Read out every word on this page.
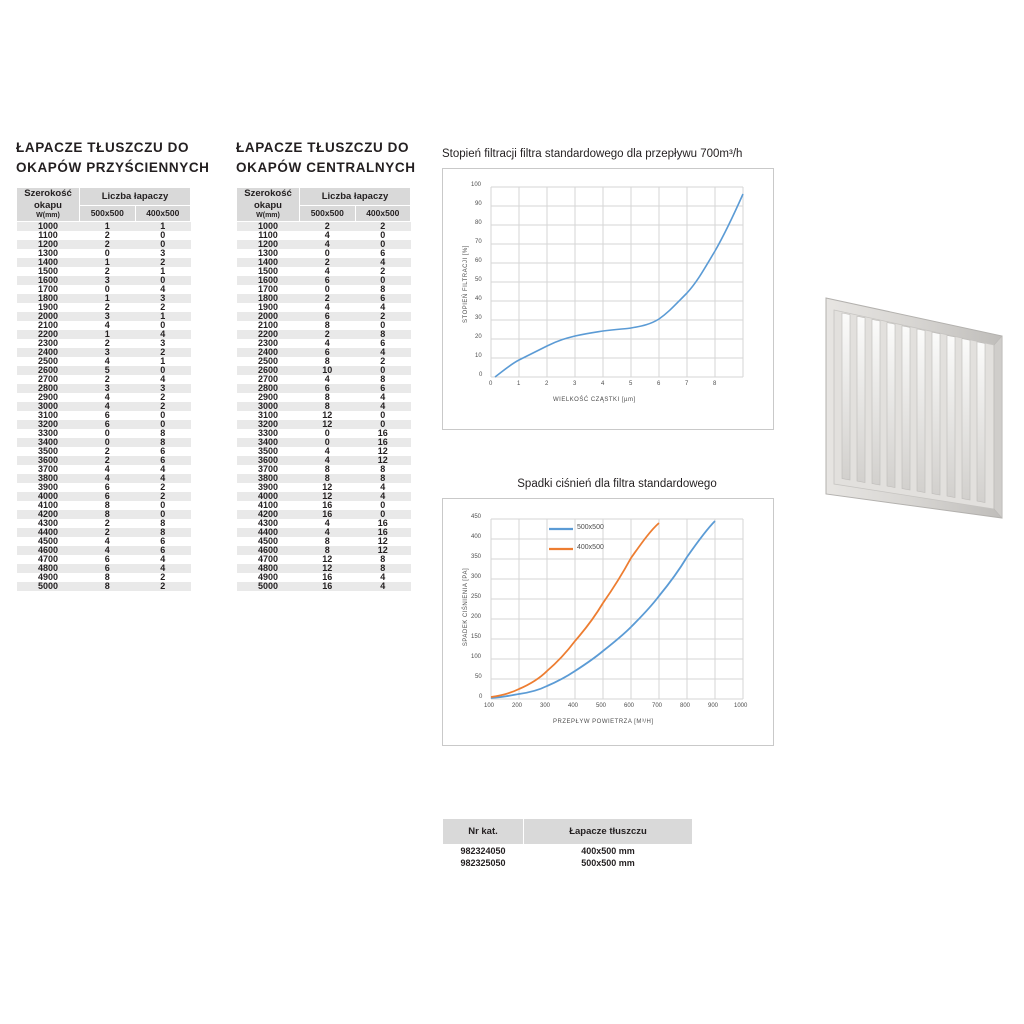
ŁAPACZE TŁUSZCZU DO OKAPÓW PRZYŚCIENNYCH
Szerokość okapu
W(mm)	Liczba łapaczy	
	500x500	400x500
1000	1	1
1100	2	0
1200	2	0
1300	0	3
1400	1	2
1500	2	1
1600	3	0
1700	0	4
1800	1	3
1900	2	2
2000	3	1
2100	4	0
2200	1	4
2300	2	3
2400	3	2
2500	4	1
2600	5	0
2700	2	4
2800	3	3
2900	4	2
3000	4	2
3100	6	0
3200	6	0
3300	0	8
3400	0	8
3500	2	6
3600	2	6
3700	4	4
3800	4	4
3900	6	2
4000	6	2
4100	8	0
4200	8	0
4300	2	8
4400	2	8
4500	4	6
4600	4	6
4700	6	4
4800	6	4
4900	8	2
5000	8	2
ŁAPACZE TŁUSZCZU DO OKAPÓW CENTRALNYCH
Szerokość okapu
W(mm)	Liczba łapaczy	
	500x500	400x500
1000	2	2
1100	4	0
1200	4	0
1300	0	6
1400	2	4
1500	4	2
1600	6	0
1700	0	8
1800	2	6
1900	4	4
2000	6	2
2100	8	0
2200	2	8
2300	4	6
2400	6	4
2500	8	2
2600	10	0
2700	4	8
2800	6	6
2900	8	4
3000	8	4
3100	12	0
3200	12	0
3300	0	16
3400	0	16
3500	4	12
3600	4	12
3700	8	8
3800	8	8
3900	12	4
4000	12	4
4100	16	0
4200	16	0
4300	4	16
4400	4	16
4500	8	12
4600	8	12
4700	12	8
4800	12	8
4900	16	4
5000	16	4
Stopień filtracji filtra standardowego dla przepływu 700m³/h
100
90
80
70
60
50
40
30
20
10
0
0	1	2	3	4	5	6	7	8
STOPIEŃ FILTRACJI [%]
WIELKOŚĆ CZĄSTKI [µm]
Spadki ciśnień dla filtra standardowego
500x500
400x500
450
400
350
300
250
200
150
100
50
0
100	200	300	400	500	600	700	800	900	1000
SPADEK CIŚNIENIA [PA]
PRZEPŁYW POWIETRZA [M³/H]
Nr kat.	Łapacze tłuszczu
982324050	400x500 mm
982325050	500x500 mm
